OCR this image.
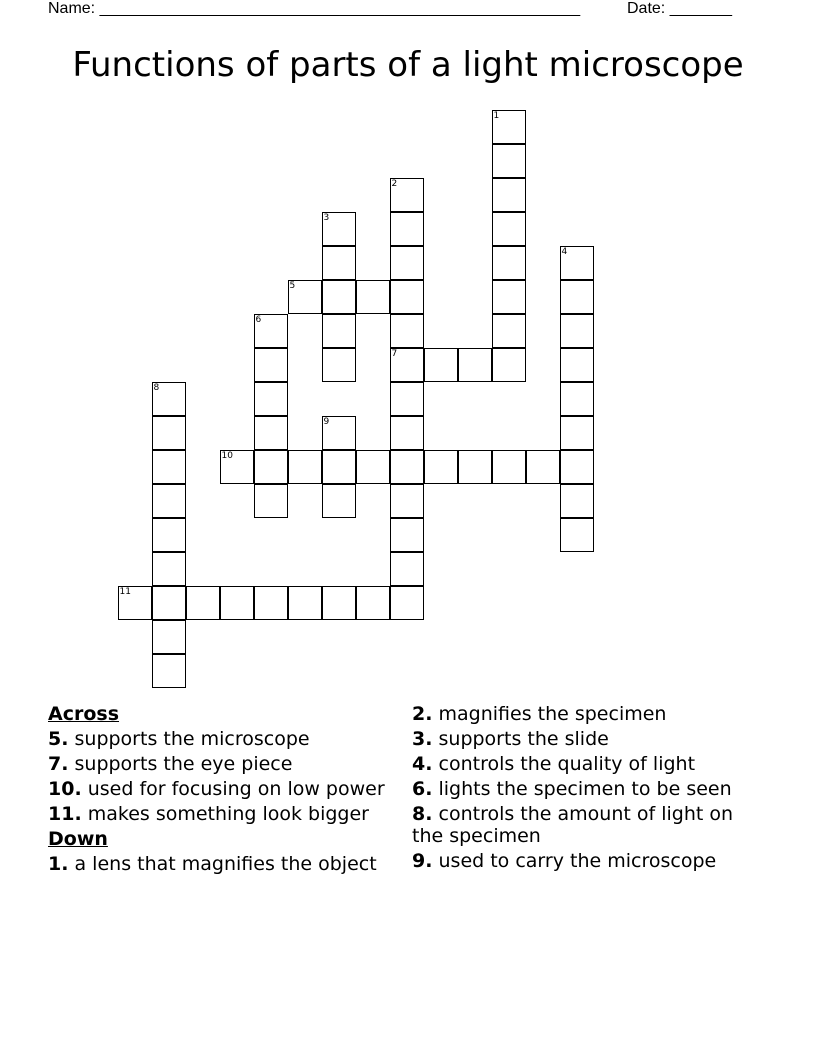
Name: ______________________________________________________	Date: _______
Functions of parts of a light microscope
1
2
3
4
5
6
7
8
9
10
11
Across
5. supports the microscope
7. supports the eye piece
10. used for focusing on low power
11. makes something look bigger
Down
1. a lens that magnifies the object
2. magnifies the specimen
3. supports the slide
4. controls the quality of light
6. lights the specimen to be seen
8. controls the amount of light on the specimen
9. used to carry the microscope
